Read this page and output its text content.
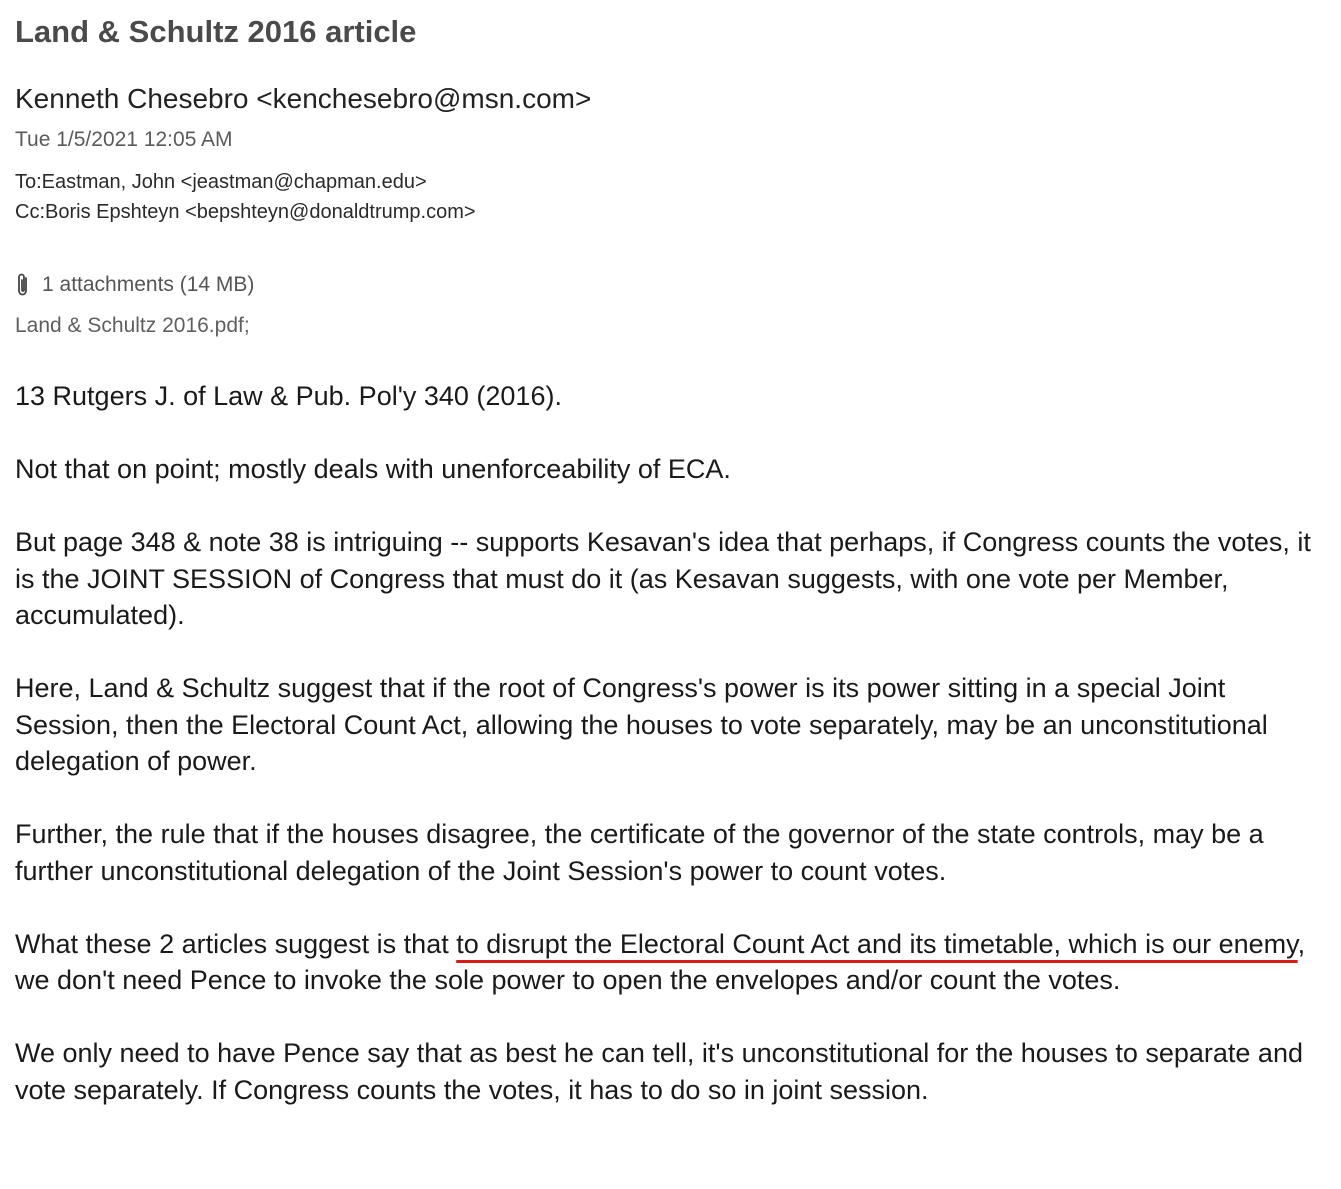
Land & Schultz 2016 article
Kenneth Chesebro <kenchesebro@msn.com>
Tue 1/5/2021 12:05 AM
To:Eastman, John <jeastman@chapman.edu>
Cc:Boris Epshteyn <bepshteyn@donaldtrump.com>
1 attachments (14 MB)
Land & Schultz 2016.pdf;

13 Rutgers J. of Law & Pub. Pol'y 340 (2016).

Not that on point; mostly deals with unenforceability of ECA.

But page 348 & note 38 is intriguing -- supports Kesavan's idea that perhaps, if Congress counts the votes, it is the JOINT SESSION of Congress that must do it (as Kesavan suggests, with one vote per Member, accumulated).

Here, Land & Schultz suggest that if the root of Congress's power is its power sitting in a special Joint Session, then the Electoral Count Act, allowing the houses to vote separately, may be an unconstitutional delegation of power.

Further, the rule that if the houses disagree, the certificate of the governor of the state controls, may be a further unconstitutional delegation of the Joint Session's power to count votes.

What these 2 articles suggest is that to disrupt the Electoral Count Act and its timetable, which is our enemy, we don't need Pence to invoke the sole power to open the envelopes and/or count the votes.

We only need to have Pence say that as best he can tell, it's unconstitutional for the houses to separate and vote separately. If Congress counts the votes, it has to do so in joint session.
